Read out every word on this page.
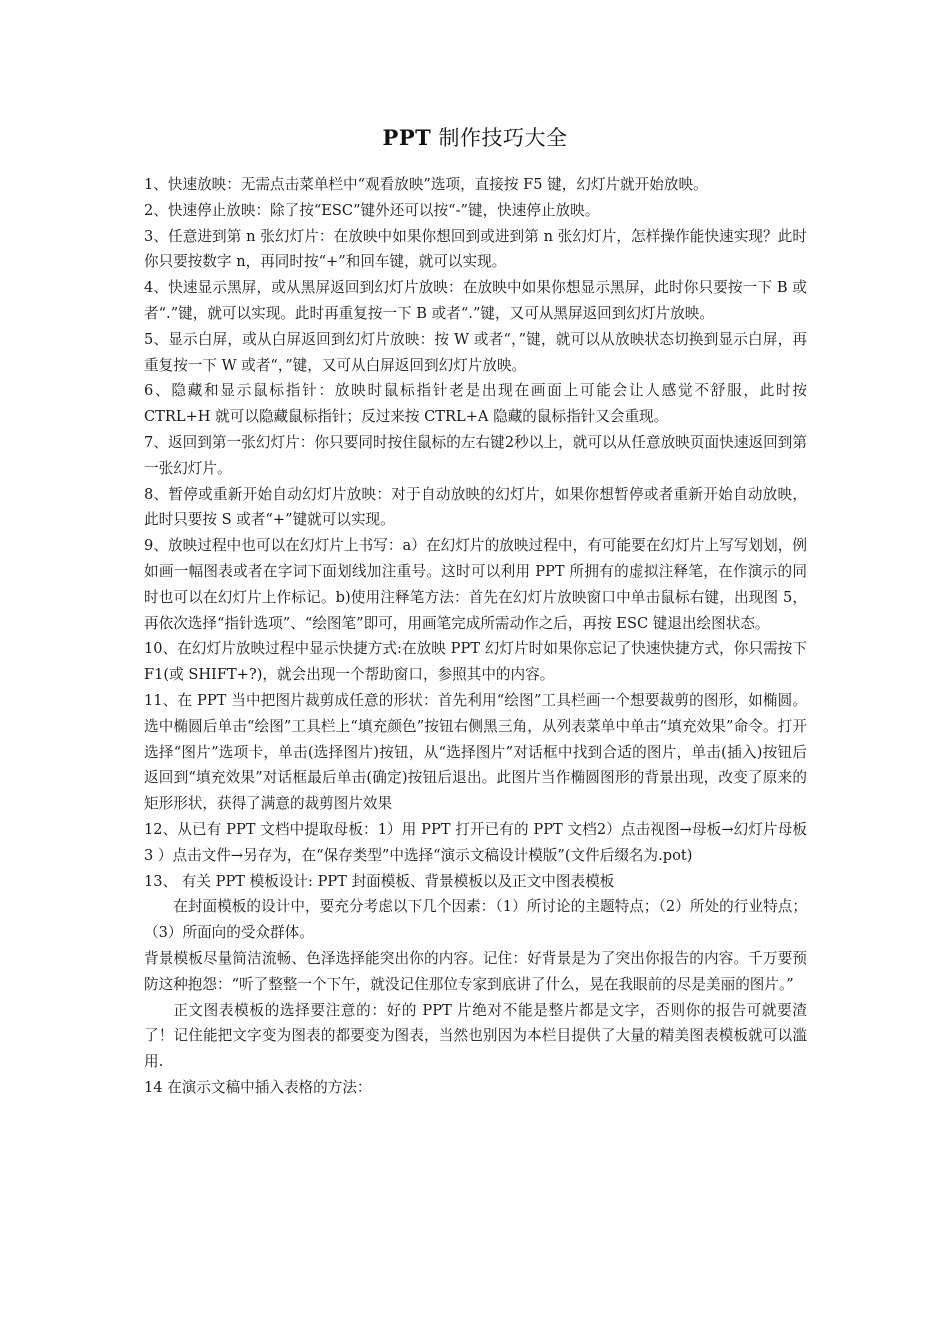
PPT 制作技巧大全

1、快速放映：无需点击菜单栏中“观看放映”选项，直接按 F5 键，幻灯片就开始放映。

2、快速停止放映：除了按“ESC”键外还可以按“-”键，快速停止放映。

3、任意进到第 n 张幻灯片：在放映中如果你想回到或进到第 n 张幻灯片，怎样操作能快速实现？此时你只要按数字 n，再同时按“+”和回车键，就可以实现。

4、快速显示黑屏，或从黑屏返回到幻灯片放映：在放映中如果你想显示黑屏，此时你只要按一下 B 或者“.”键，就可以实现。此时再重复按一下 B 或者“.”键，又可从黑屏返回到幻灯片放映。

5、显示白屏，或从白屏返回到幻灯片放映：按 W 或者“，”键，就可以从放映状态切换到显示白屏，再重复按一下 W 或者“，”键，又可从白屏返回到幻灯片放映。

6、隐藏和显示鼠标指针：放映时鼠标指针老是出现在画面上可能会让人感觉不舒服，此时按 CTRL+H 就可以隐藏鼠标指针；反过来按 CTRL+A 隐藏的鼠标指针又会重现。

7、返回到第一张幻灯片：你只要同时按住鼠标的左右键2秒以上，就可以从任意放映页面快速返回到第一张幻灯片。

8、暂停或重新开始自动幻灯片放映：对于自动放映的幻灯片，如果你想暂停或者重新开始自动放映，此时只要按 S 或者“+”键就可以实现。

9、放映过程中也可以在幻灯片上书写：a）在幻灯片的放映过程中，有可能要在幻灯片上写写划划，例如画一幅图表或者在字词下面划线加注重号。这时可以利用 PPT 所拥有的虚拟注释笔，在作演示的同时也可以在幻灯片上作标记。b)使用注释笔方法：首先在幻灯片放映窗口中单击鼠标右键，出现图 5，再依次选择“指针选项”、“绘图笔”即可，用画笔完成所需动作之后，再按 ESC 键退出绘图状态。

10、在幻灯片放映过程中显示快捷方式:在放映 PPT 幻灯片时如果你忘记了快速快捷方式，你只需按下 F1(或 SHIFT+?)，就会出现一个帮助窗口，参照其中的内容。

11、在 PPT 当中把图片裁剪成任意的形状：首先利用“绘图”工具栏画一个想要裁剪的图形，如椭圆。选中椭圆后单击“绘图”工具栏上“填充颜色”按钮右侧黑三角，从列表菜单中单击“填充效果”命令。打开选择“图片”选项卡，单击(选择图片)按钮，从“选择图片”对话框中找到合适的图片，单击(插入)按钮后返回到“填充效果”对话框最后单击(确定)按钮后退出。此图片当作椭圆图形的背景出现，改变了原来的矩形形状，获得了满意的裁剪图片效果

12、从已有 PPT 文档中提取母板：1）用 PPT 打开已有的 PPT 文档2）点击视图→母板→幻灯片母板3 ）点击文件→另存为，在“保存类型”中选择“演示文稿设计模版”(文件后缀名为.pot)

13、 有关 PPT 模板设计: PPT 封面模板、背景模板以及正文中图表模板

在封面模板的设计中，要充分考虑以下几个因素：（1）所讨论的主题特点；（2）所处的行业特点；（3）所面向的受众群体。

背景模板尽量简洁流畅、色泽选择能突出你的内容。记住：好背景是为了突出你报告的内容。千万要预防这种抱怨：“听了整整一个下午，就没记住那位专家到底讲了什么，晃在我眼前的尽是美丽的图片。”

正文图表模板的选择要注意的：好的 PPT 片绝对不能是整片都是文字，否则你的报告可就要渣了！记住能把文字变为图表的都要变为图表，当然也别因为本栏目提供了大量的精美图表模板就可以滥用.

14 在演示文稿中插入表格的方法：
